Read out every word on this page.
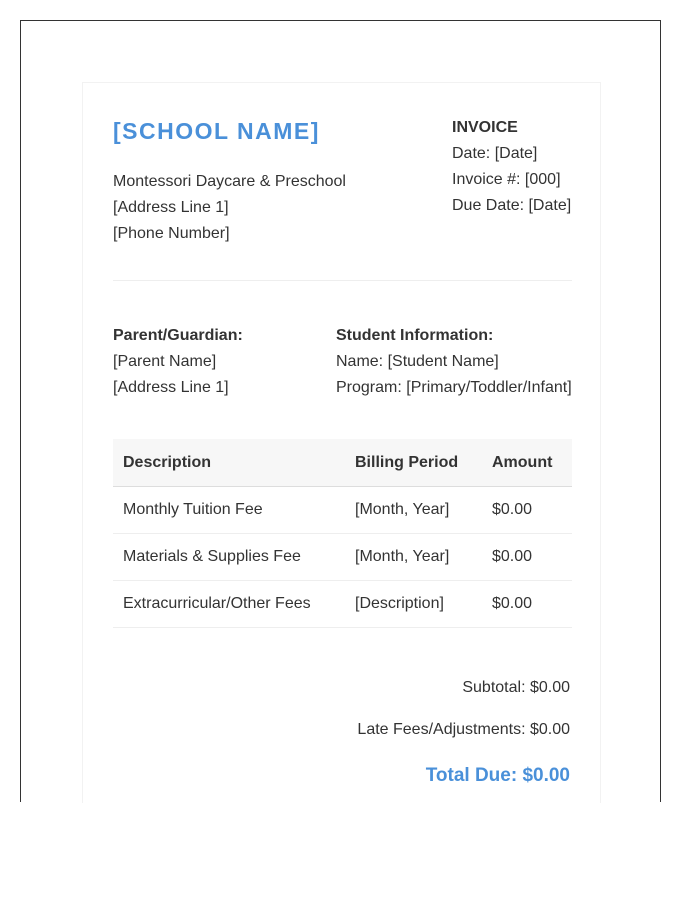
[SCHOOL NAME]
Montessori Daycare & Preschool
[Address Line 1]
[Phone Number]
INVOICE
Date: [Date]
Invoice #: [000]
Due Date: [Date]
Parent/Guardian:
[Parent Name]
[Address Line 1]
Student Information:
Name: [Student Name]
Program: [Primary/Toddler/Infant]
Description	Billing Period	Amount
Monthly Tuition Fee	[Month, Year]	$0.00
Materials & Supplies Fee	[Month, Year]	$0.00
Extracurricular/Other Fees	[Description]	$0.00
Subtotal: $0.00
Late Fees/Adjustments: $0.00
Total Due: $0.00
